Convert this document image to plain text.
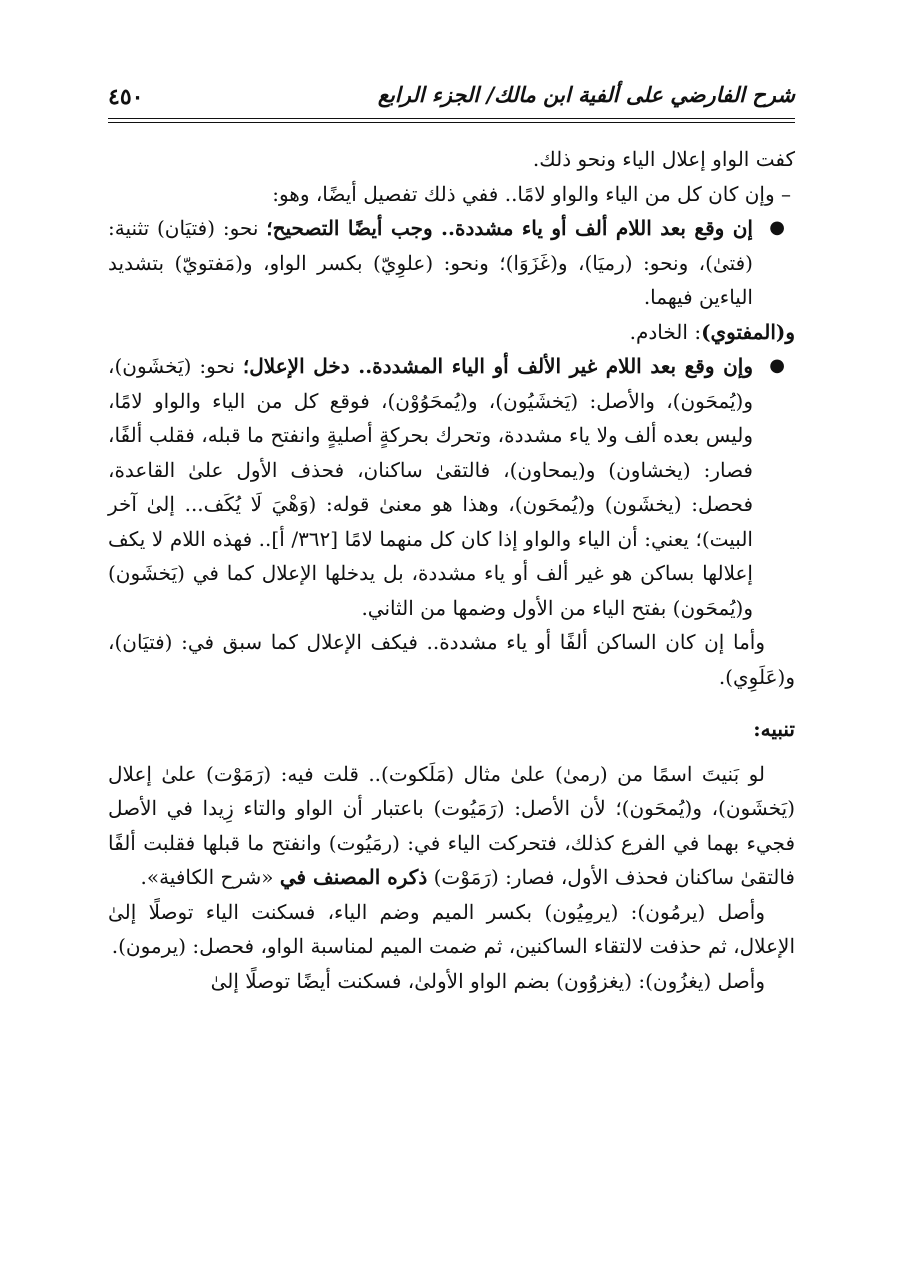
شرح الفارضي على ألفية ابن مالك/ الجزء الرابع
٤٥٠

كفت الواو إعلال الياء ونحو ذلك.

– وإن كان كل من الياء والواو لامًا.. ففي ذلك تفصيل أيضًا، وهو:

●
إن وقع بعد اللام ألف أو ياء مشددة.. وجب أيضًا التصحيح؛ نحو: (فتيَان) تثنية: (فتىٰ)، ونحو: (رميَا)، و(غَزَوَا)؛ ونحو: (علوِيّ) بكسر الواو، و(مَفتويّ) بتشديد الياءين فيهما.

و(المفتوي): الخادم.

●
وإن وقع بعد اللام غير الألف أو الياء المشددة.. دخل الإعلال؛ نحو: (يَخشَون)، و(يُمحَون)، والأصل: (يَخشَيُون)، و(يُمحَوُوْن)، فوقع كل من الياء والواو لامًا، وليس بعده ألف ولا ياء مشددة، وتحرك بحركةٍ أصليةٍ وانفتح ما قبله، فقلب ألفًا، فصار: (يخشاون) و(يمحاون)، فالتقىٰ ساكنان، فحذف الأول علىٰ القاعدة، فحصل: (يخشَون) و(يُمحَون)، وهذا هو معنىٰ قوله: (وَهْيَ لَا يُكَف... إلىٰ آخر البيت)؛ يعني: أن الياء والواو إذا كان كل منهما لامًا [٣٦٢/ أ].. فهذه اللام لا يكف إعلالها بساكن هو غير ألف أو ياء مشددة، بل يدخلها الإعلال كما في (يَخشَون) و(يُمحَون) بفتح الياء من الأول وضمها من الثاني.

وأما إن كان الساكن ألفًا أو ياء مشددة.. فيكف الإعلال كما سبق في: (فتيَان)، و(عَلَوِي).

تنبيه:

لو بَنيتَ اسمًا من (رمىٰ) علىٰ مثال (مَلَكوت).. قلت فيه: (رَمَوْت) علىٰ إعلال (يَخشَون)، و(يُمحَون)؛ لأن الأصل: (رَمَيُوت) باعتبار أن الواو والتاء زِيدا في الأصل فجيء بهما في الفرع كذلك، فتحركت الياء في: (رمَيُوت) وانفتح ما قبلها فقلبت ألفًا فالتقىٰ ساكنان فحذف الأول، فصار: (رَمَوْت) ذكره المصنف في «شرح الكافية».

وأصل (يرمُون): (يرمِيُون) بكسر الميم وضم الياء، فسكنت الياء توصلًا إلىٰ الإعلال، ثم حذفت لالتقاء الساكنين، ثم ضمت الميم لمناسبة الواو، فحصل: (يرمون).

وأصل (يغزُون): (يغزوُون) بضم الواو الأولىٰ، فسكنت أيضًا توصلًا إلىٰ
